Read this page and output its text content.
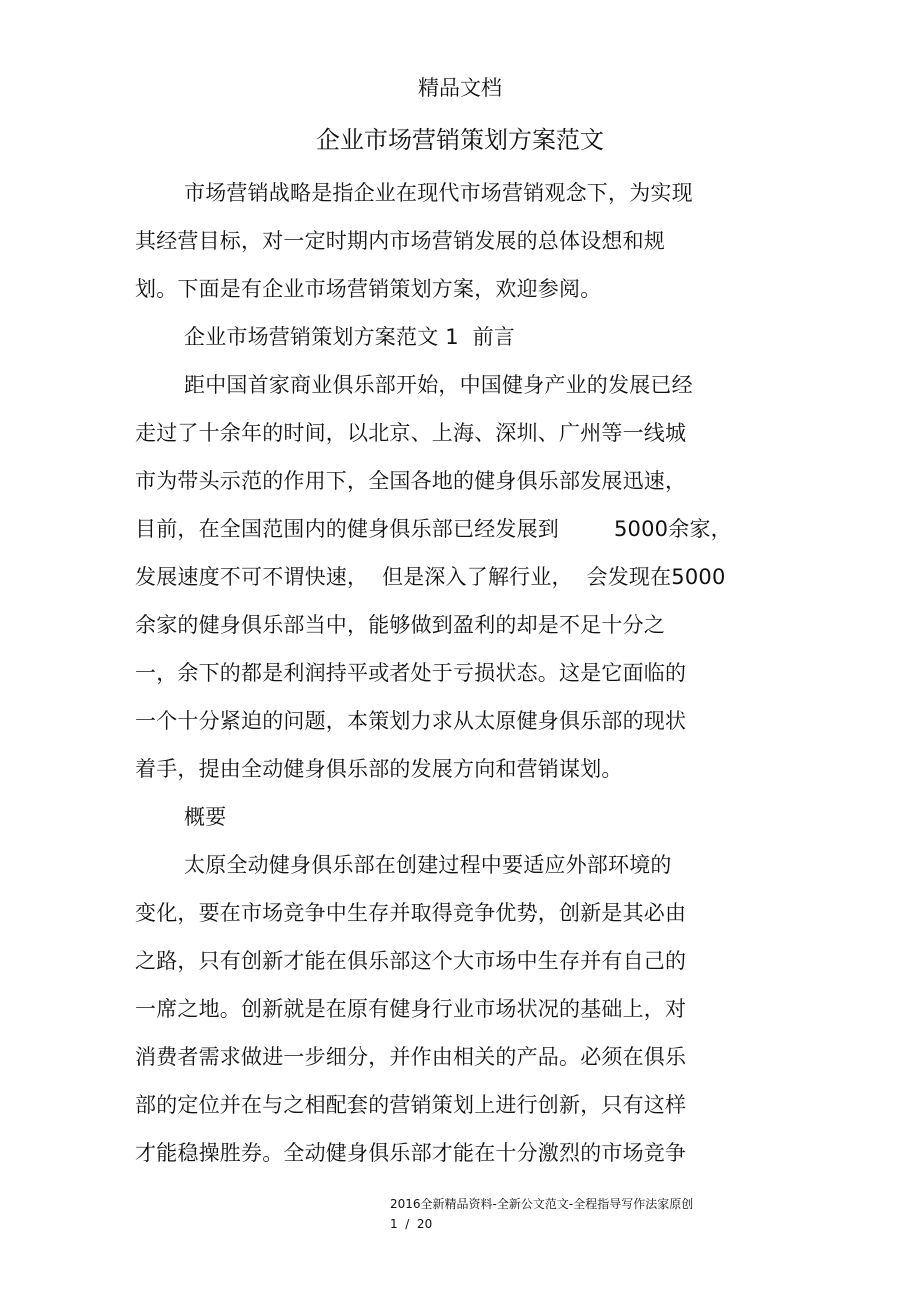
精品文档
企业市场营销策划方案范文
市场营销战略是指企业在现代市场营销观念下，为实现
其经营目标，对一定时期内市场营销发展的总体设想和规
划。下面是有企业市场营销策划方案，欢迎参阅。
企业市场营销策划方案范文 1  前言
距中国首家商业俱乐部开始，中国健身产业的发展已经
走过了十余年的时间，以北京、上海、深圳、广州等一线城
市为带头示范的作用下，全国各地的健身俱乐部发展迅速，
目前，在全国范围内的健身俱乐部已经发展到        5000余家，
发展速度不可不谓快速，  但是深入了解行业，  会发现在5000
余家的健身俱乐部当中，能够做到盈利的却是不足十分之
一，余下的都是利润持平或者处于亏损状态。这是它面临的
一个十分紧迫的问题，本策划力求从太原健身俱乐部的现状
着手，提由全动健身俱乐部的发展方向和营销谋划。
概要
太原全动健身俱乐部在创建过程中要适应外部环境的
变化，要在市场竞争中生存并取得竞争优势，创新是其必由
之路，只有创新才能在俱乐部这个大市场中生存并有自己的
一席之地。创新就是在原有健身行业市场状况的基础上，对
消费者需求做进一步细分，并作由相关的产品。必须在俱乐
部的定位并在与之相配套的营销策划上进行创新，只有这样
才能稳操胜券。全动健身俱乐部才能在十分激烈的市场竞争
2016全新精品资料-全新公文范文-全程指导写作法家原创
1  /  20
